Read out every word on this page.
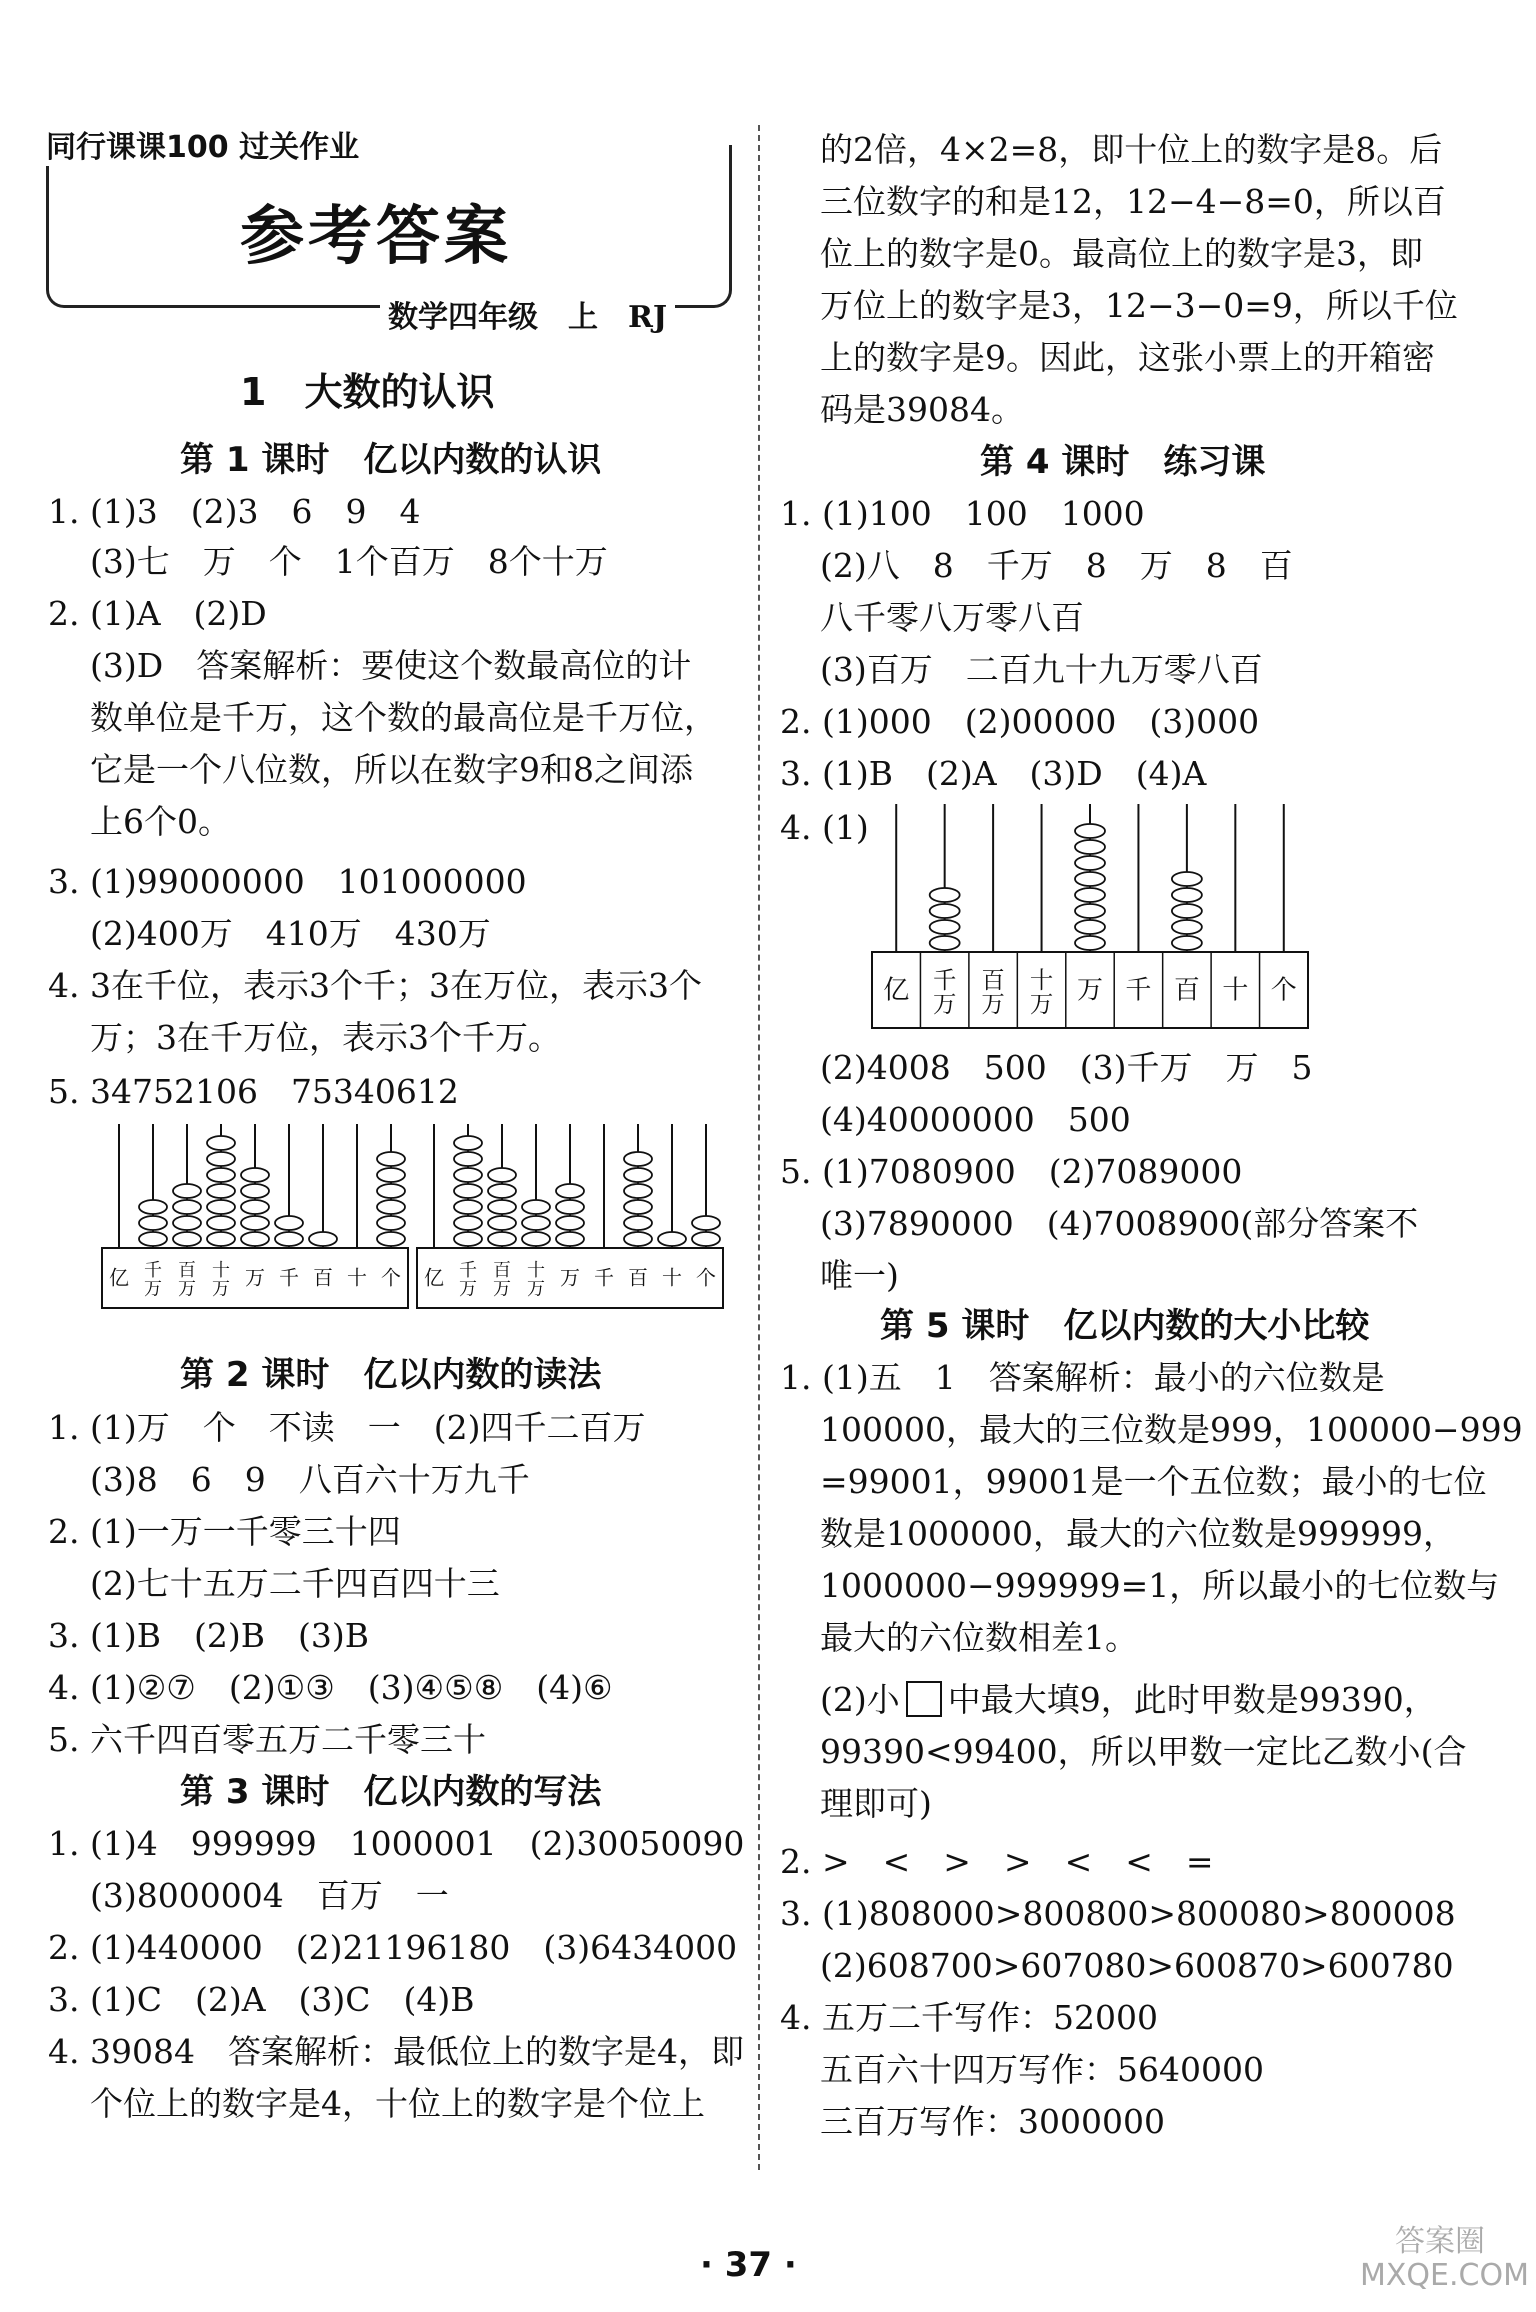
同行课课100 过关作业
参考答案
数学四年级　上　RJ
1　大数的认识
第 1 课时　亿以内数的认识
1. (1)3　(2)3　6　9　4
(3)七　万　个　1个百万　8个十万
2. (1)A　(2)D
(3)D　答案解析：要使这个数最高位的计
数单位是千万，这个数的最高位是千万位，
它是一个八位数，所以在数字9和8之间添
上6个0。
3. (1)99000000　101000000
(2)400万　410万　430万
4. 3在千位，表示3个千；3在万位，表示3个
万；3在千万位，表示3个千万。
5. 34752106　75340612
亿 千
万
百
万
十
万 万 千 百 十 个 亿 千
万
百
万
十
万 万 千 百 十 个
第 2 课时　亿以内数的读法
1. (1)万　个　不读　一　(2)四千二百万
(3)8　6　9　八百六十万九千
2. (1)一万一千零三十四
(2)七十五万二千四百四十三
3. (1)B　(2)B　(3)B
4. (1)②⑦　(2)①③　(3)④⑤⑧　(4)⑥
5. 六千四百零五万二千零三十
第 3 课时　亿以内数的写法
1. (1)4　999999　1000001　(2)30050090
(3)8000004　百万　一
2. (1)440000　(2)21196180　(3)6434000
3. (1)C　(2)A　(3)C　(4)B
4. 39084　答案解析：最低位上的数字是4，即
个位上的数字是4，十位上的数字是个位上
的2倍，4×2=8，即十位上的数字是8。后
三位数字的和是12，12−4−8=0，所以百
位上的数字是0。最高位上的数字是3，即
万位上的数字是3，12−3−0=9，所以千位
上的数字是9。因此，这张小票上的开箱密
码是39084。
第 4 课时　练习课
1. (1)100　100　1000
(2)八　8　千万　8　万　8　百
八千零八万零八百
(3)百万　二百九十九万零八百
2. (1)000　(2)00000　(3)000
3. (1)B　(2)A　(3)D　(4)A
4. (1)
亿 千
万
百
万
十
万 万 千 百 十 个
(2)4008　500　(3)千万　万　5
(4)40000000　500
5. (1)7080900　(2)7089000
(3)7890000　(4)7008900(部分答案不
唯一)
第 5 课时　亿以内数的大小比较
1. (1)五　1　答案解析：最小的六位数是
100000，最大的三位数是999，100000−999
=99001，99001是一个五位数；最小的七位
数是1000000，最大的六位数是999999，
1000000−999999=1，所以最小的七位数与
最大的六位数相差1。
(2)小 中最大填9，此时甲数是99390，
99390<99400，所以甲数一定比乙数小(合
理即可)
2. >　<　>　>　<　<　=
3. (1)808000>800800>800080>800008
(2)608700>607080>600870>600780
4. 五万二千写作：52000
五百六十四万写作：5640000
三百万写作：3000000
· 37 ·
答案圈 MXQE.COM
